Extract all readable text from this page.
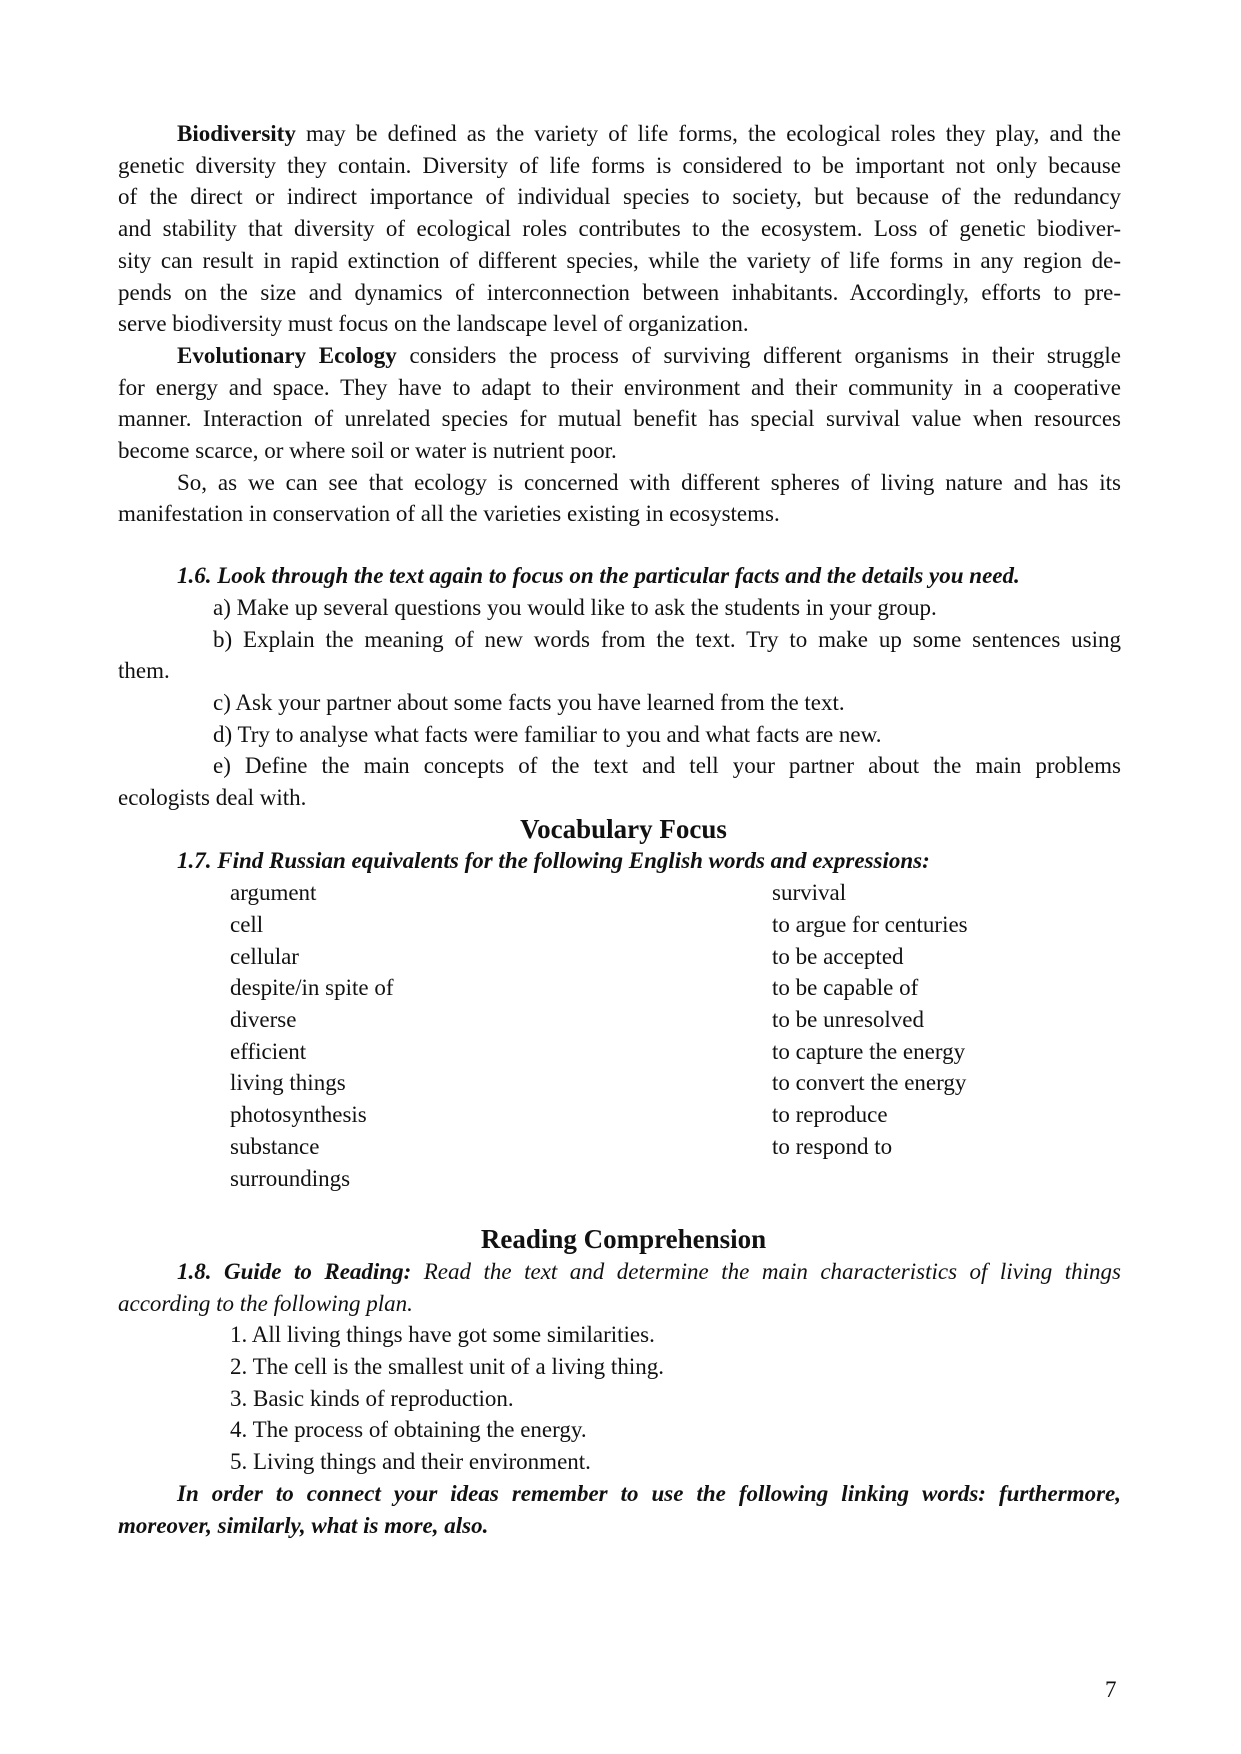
Biodiversity may be defined as the variety of life forms, the ecological roles they play, and the

genetic diversity they contain. Diversity of life forms is considered to be important not only because

of the direct or indirect importance of individual species to society, but because of the redundancy

and stability that diversity of ecological roles contributes to the ecosystem. Loss of genetic biodiver-

sity can result in rapid extinction of different species, while the variety of life forms in any region de-

pends on the size and dynamics of interconnection between inhabitants. Accordingly, efforts to pre-

serve biodiversity must focus on the landscape level of organization.

Evolutionary Ecology considers the process of surviving different organisms in their struggle

for energy and space. They have to adapt to their environment and their community in a cooperative

manner. Interaction of unrelated species for mutual benefit has special survival value when resources

become scarce, or where soil or water is nutrient poor.

So, as we can see that ecology is concerned with different spheres of living nature and has its

manifestation in conservation of all the varieties existing in ecosystems.

1.6. Look through the text again to focus on the particular facts and the details you need.

a) Make up several questions you would like to ask the students in your group.

b) Explain the meaning of new words from the text. Try to make up some sentences using

them.

c) Ask your partner about some facts you have learned from the text.

d) Try to analyse what facts were familiar to you and what facts are new.

e) Define the main concepts of the text and tell your partner about the main problems

ecologists deal with.

Vocabulary Focus

1.7. Find Russian equivalents for the following English words and expressions:

argument
cell
cellular
despite/in spite of
diverse
efficient
living things
photosynthesis
substance
surroundings
survival
to argue for centuries
to be accepted
to be capable of
to be unresolved
to capture the energy
to convert the energy
to reproduce
to respond to

Reading Comprehension

1.8. Guide to Reading: Read the text and determine the main characteristics of living things

according to the following plan.

1. All living things have got some similarities.

2. The cell is the smallest unit of a living thing.

3. Basic kinds of reproduction.

4. The process of obtaining the energy.

5. Living things and their environment.

In order to connect your ideas remember to use the following linking words: furthermore,

moreover, similarly, what is more, also.

7
